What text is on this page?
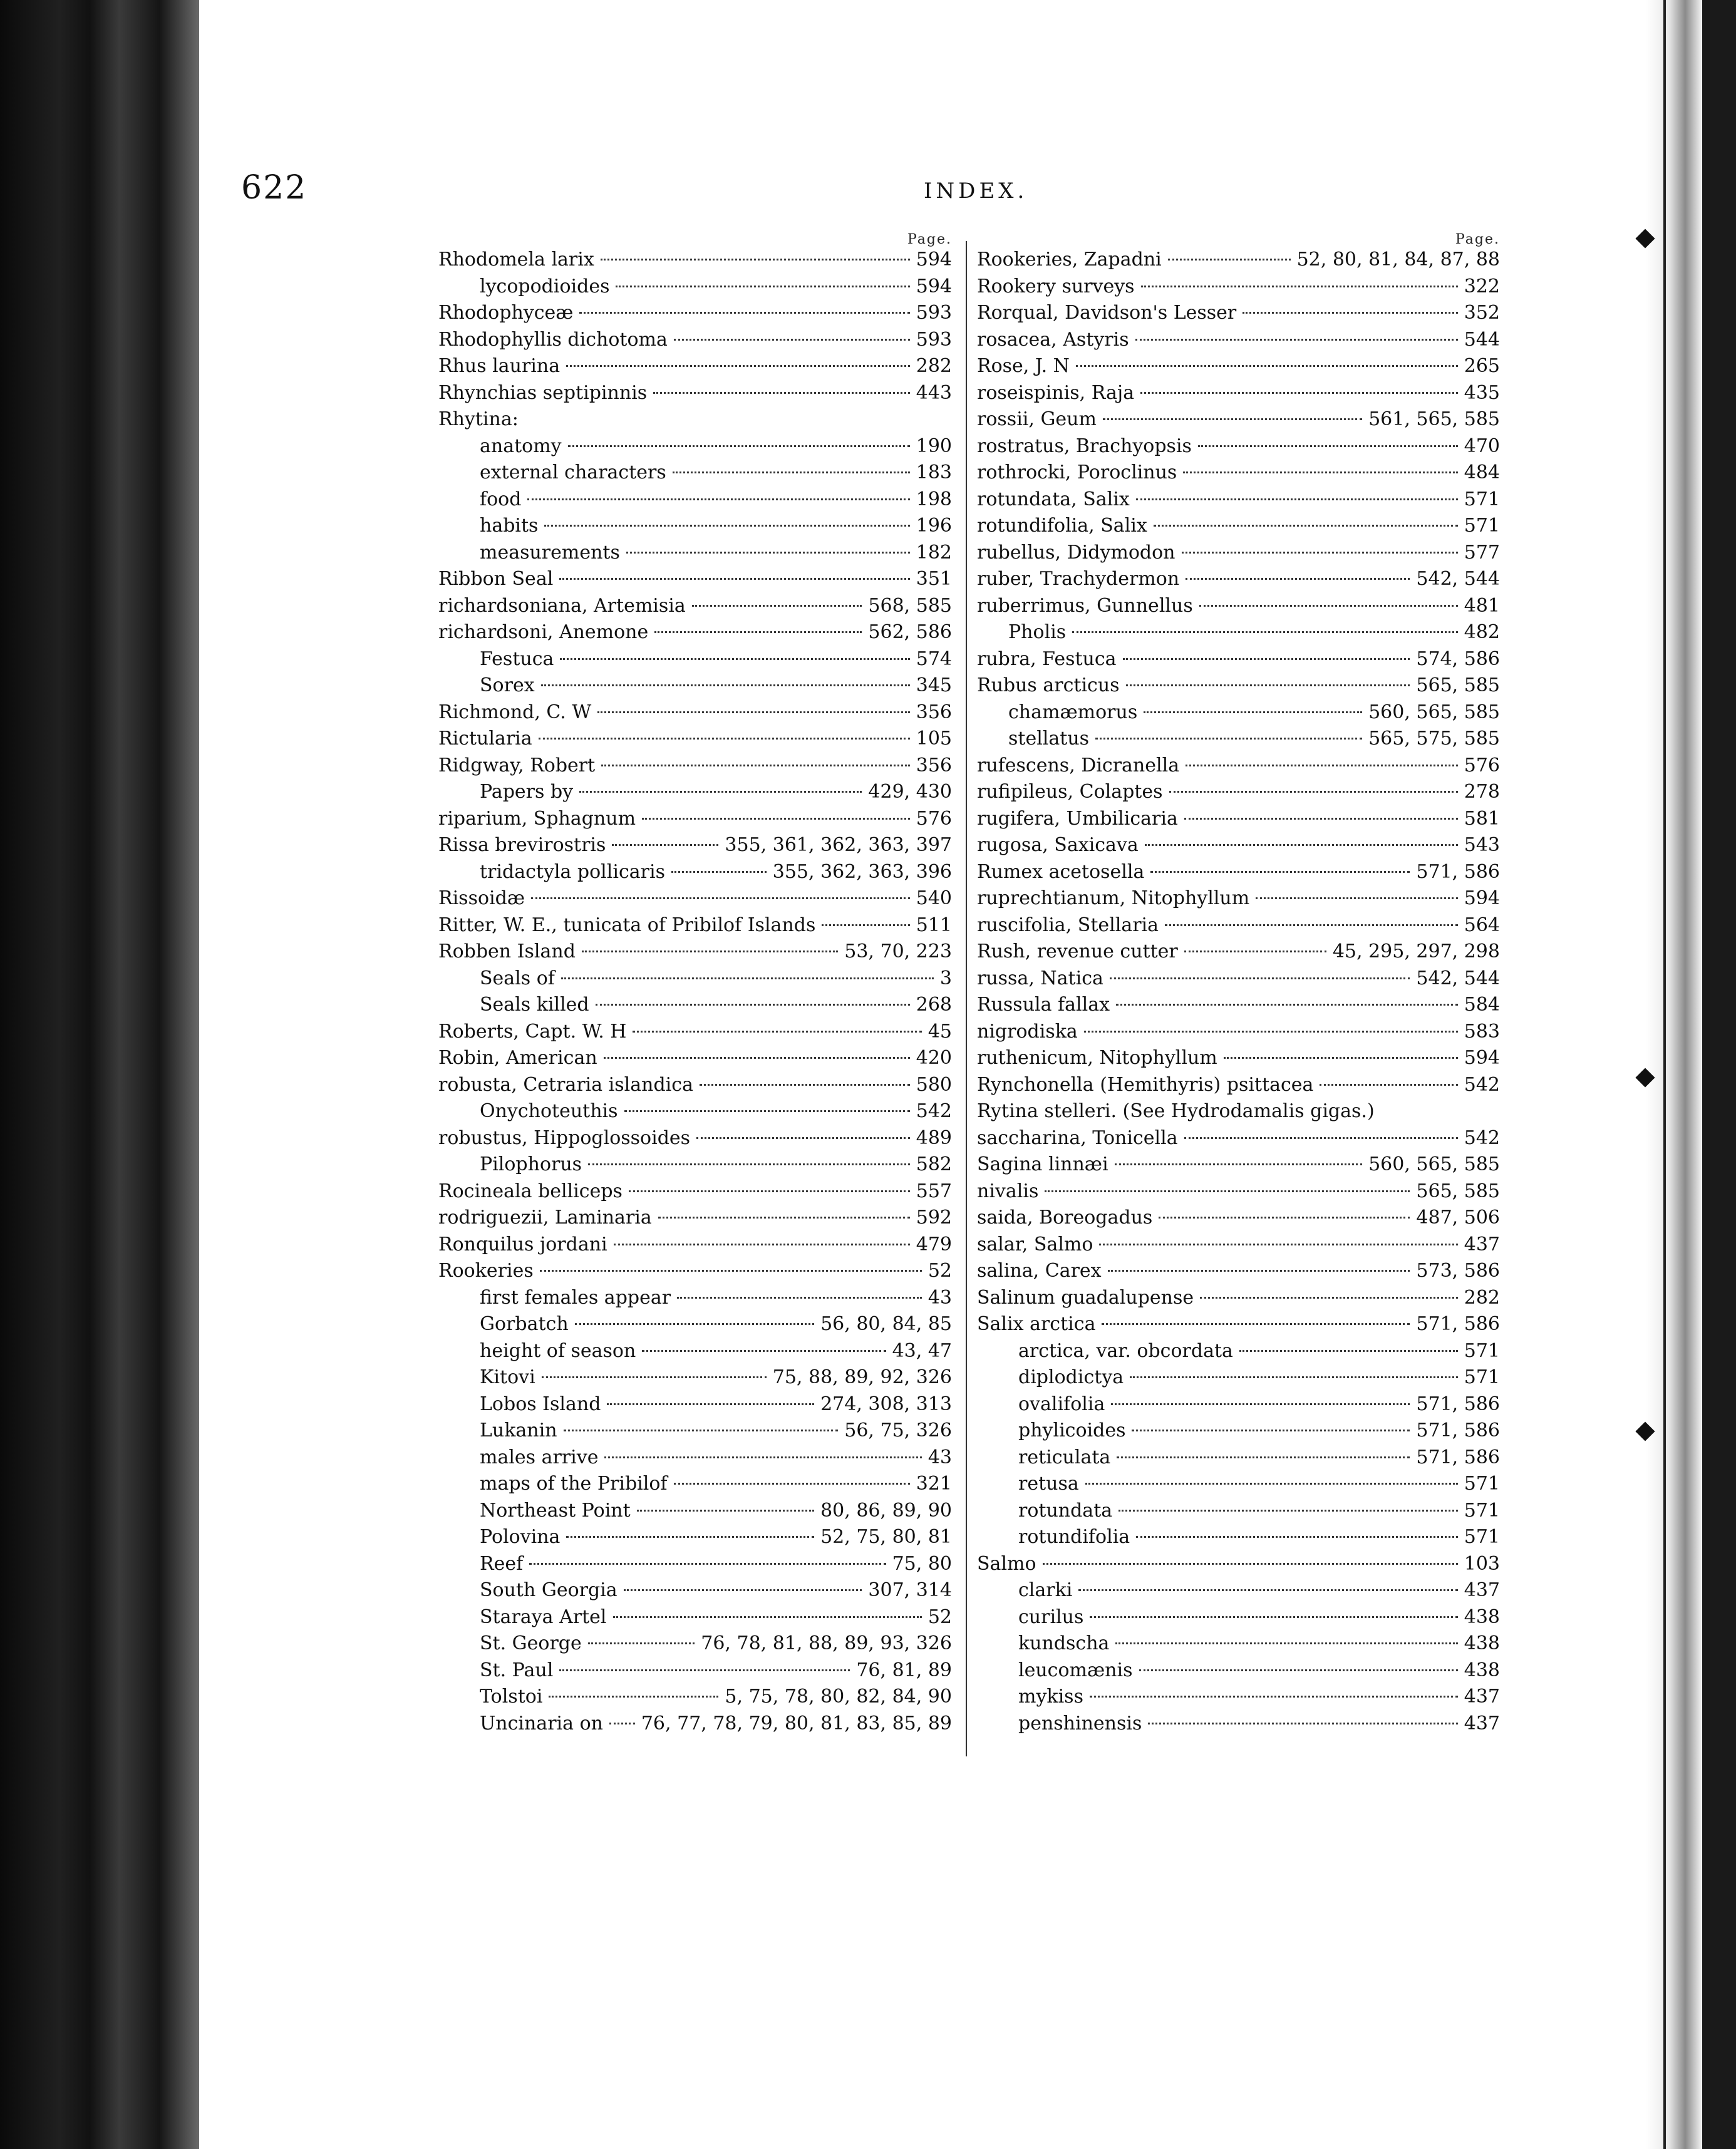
622	INDEX.
Page.
Rhodomela larix	594
lycopodioides	594
Rhodophyceæ	593
Rhodophyllis dichotoma	593
Rhus laurina	282
Rhynchias septipinnis	443
Rhytina:
anatomy	190
external characters	183
food	198
habits	196
measurements	182
Ribbon Seal	351
richardsoniana, Artemisia	568, 585
richardsoni, Anemone	562, 586
Festuca	574
Sorex	345
Richmond, C. W	356
Rictularia	105
Ridgway, Robert	356
Papers by	429, 430
riparium, Sphagnum	576
Rissa brevirostris	355, 361, 362, 363, 397
tridactyla pollicaris	355, 362, 363, 396
Rissoidæ	540
Ritter, W. E., tunicata of Pribilof Islands	511
Robben Island	53, 70, 223
Seals of	3
Seals killed	268
Roberts, Capt. W. H	45
Robin, American	420
robusta, Cetraria islandica	580
Onychoteuthis	542
robustus, Hippoglossoides	489
Pilophorus	582
Rocineala belliceps	557
rodriguezii, Laminaria	592
Ronquilus jordani	479
Rookeries	52
first females appear	43
Gorbatch	56, 80, 84, 85
height of season	43, 47
Kitovi	75, 88, 89, 92, 326
Lobos Island	274, 308, 313
Lukanin	56, 75, 326
males arrive	43
maps of the Pribilof	321
Northeast Point	80, 86, 89, 90
Polovina	52, 75, 80, 81
Reef	75, 80
South Georgia	307, 314
Staraya Artel	52
St. George	76, 78, 81, 88, 89, 93, 326
St. Paul	76, 81, 89
Tolstoi	5, 75, 78, 80, 82, 84, 90
Uncinaria on 76, 77, 78, 79, 80, 81, 83, 85, 89
Page.
Rookeries, Zapadni	52, 80, 81, 84, 87, 88
Rookery surveys	322
Rorqual, Davidson's Lesser	352
rosacea, Astyris	544
Rose, J. N	265
roseispinis, Raja	435
rossii, Geum	561, 565, 585
rostratus, Brachyopsis	470
rothrocki, Poroclinus	484
rotundata, Salix	571
rotundifolia, Salix	571
rubellus, Didymodon	577
ruber, Trachydermon	542, 544
ruberrimus, Gunnellus	481
Pholis	482
rubra, Festuca	574, 586
Rubus arcticus	565, 585
chamæmorus	560, 565, 585
stellatus	565, 575, 585
rufescens, Dicranella	576
rufipileus, Colaptes	278
rugifera, Umbilicaria	581
rugosa, Saxicava	543
Rumex acetosella	571, 586
ruprechtianum, Nitophyllum	594
ruscifolia, Stellaria	564
Rush, revenue cutter	45, 295, 297, 298
russa, Natica	542, 544
Russula fallax	584
nigrodiska	583
ruthenicum, Nitophyllum	594
Rynchonella (Hemithyris) psittacea	542
Rytina stelleri. (See Hydrodamalis gigas.)
saccharina, Tonicella	542
Sagina linnæi	560, 565, 585
nivalis	565, 585
saida, Boreogadus	487, 506
salar, Salmo	437
salina, Carex	573, 586
Salinum guadalupense	282
Salix arctica	571, 586
arctica, var. obcordata	571
diplodictya	571
ovalifolia	571, 586
phylicoides	571, 586
reticulata	571, 586
retusa	571
rotundata	571
rotundifolia	571
Salmo	103
clarki	437
curilus	438
kundscha	438
leucomænis	438
mykiss	437
penshinensis	437
